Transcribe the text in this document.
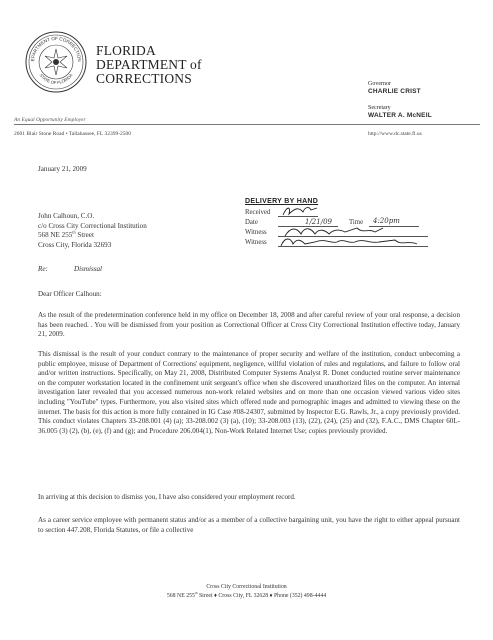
EPARTMENT OF CORRECTION
STATE OF FLORIDA
FLORIDA
DEPARTMENT of
CORRECTIONS	Governor
CHARLIE CRIST
Secretary
WALTER A. McNEIL
An Equal Opportunity Employer
2601 Blair Stone Road • Tallahassee, FL 32399-2500	http://www.dc.state.fl.us
January 21, 2009
John Calhoun, C.O.
c/o Cross City Correctional Institution
568 NE 255th Street
Cross City, Florida 32693
DELIVERY BY HAND
Received
Date	1/21/09	Time 4:20pm
Witness
Witness
Re:	Dismissal
Dear Officer Calhoun:
As the result of the predetermination conference held in my office on December 18, 2008 and after careful review of your oral response, a decision has been reached. . You will be dismissed from your position as Correctional Officer at Cross City Correctional Institution effective today, January 21, 2009.
This dismissal is the result of your conduct contrary to the maintenance of proper security and welfare of the institution, conduct unbecoming a public employee, misuse of Department of Corrections' equipment, negligence, willful violation of rules and regulations, and failure to follow oral and/or written instructions. Specifically, on May 21, 2008, Distributed Computer Systems Analyst R. Donet conducted routine server maintenance on the computer workstation located in the confinement unit sergeant's office when she discovered unauthorized files on the computer. An internal investigation later revealed that you accessed numerous non-work related websites and on more than one occasion viewed various video sites including "YouTube" types. Furthermore, you also visited sites which offered nude and pornographic images and admitted to viewing these on the internet. The basis for this action is more fully contained in IG Case #08-24307, submitted by Inspector E.G. Rawls, Jr., a copy previously provided. This conduct violates Chapters 33-208.001 (4) (a); 33-208.002 (3) (a), (10); 33-208.003 (13), (22), (24), (25) and (32), F.A.C., DMS Chapter 60L-36.005 (3) (2), (b), (e), (f) and (g); and Procedure 206.004(1), Non-Work Related Internet Use; copies previously provided.
In arriving at this decision to dismiss you, I have also considered your employment record.
As a career service employee with permanent status and/or as a member of a collective bargaining unit, you have the right to either appeal pursuant to section 447.208, Florida Statutes, or file a collective
Cross City Correctional Institution
568 NE 255th Street ♦ Cross City, FL 32628 ♦ Phone (352) 498-4444
